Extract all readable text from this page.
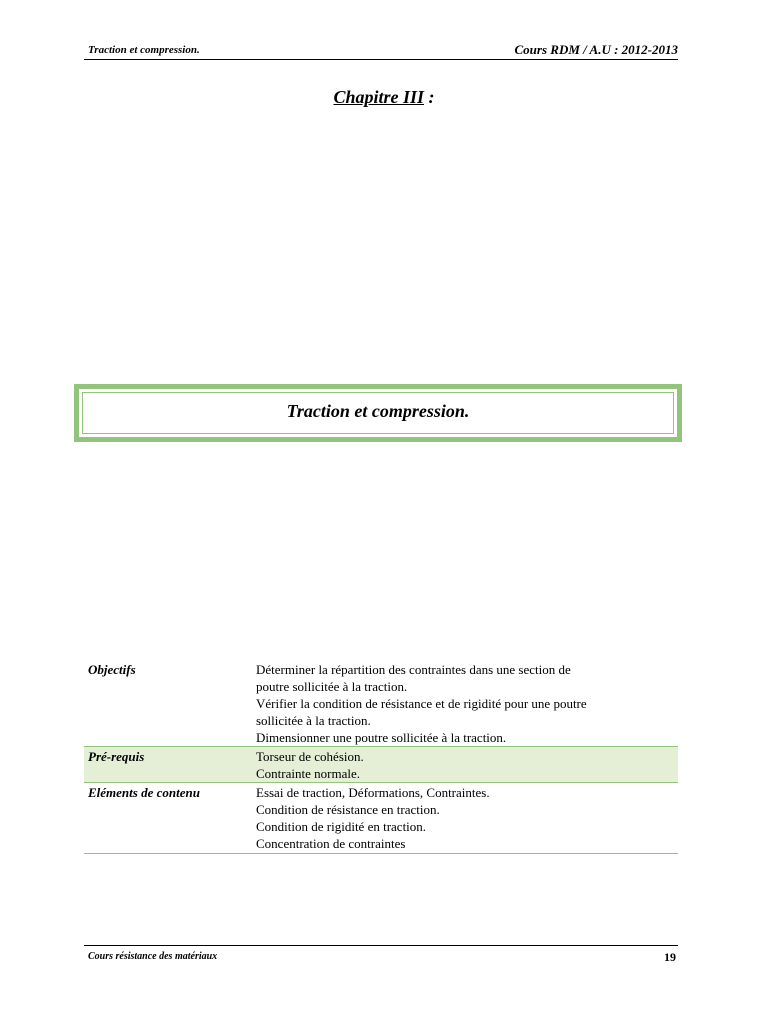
Traction et compression.	Cours RDM / A.U : 2012-2013
Chapitre III :
Traction et compression.
Objectifs	Déterminer la répartition des contraintes dans une section de
poutre sollicitée à la traction.
Vérifier la condition de résistance et de rigidité pour une poutre
sollicitée à la traction.
Dimensionner une poutre sollicitée à la traction.

Pré-requis	Torseur de cohésion.
Contrainte normale.

Eléments de contenu	Essai de traction, Déformations, Contraintes.
Condition de résistance en traction.
Condition de rigidité en traction.
Concentration de contraintes
Cours résistance des matériaux	19
